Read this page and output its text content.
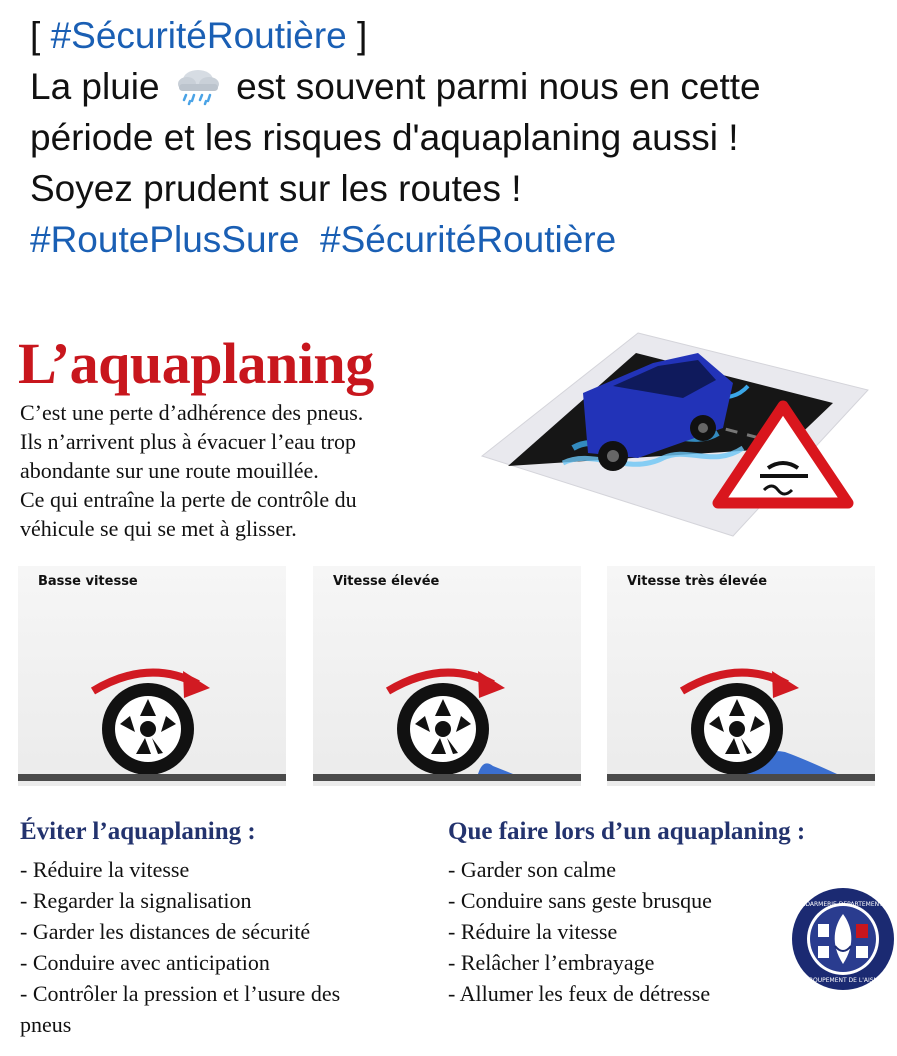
[ #SécuritéRoutière ]
La pluie  est souvent parmi nous en cette
période et les risques d'aquaplaning aussi !
Soyez prudent sur les routes !
#RoutePlusSure #SécuritéRoutière
L’aquaplaning
C’est une perte d’adhérence des pneus.
Ils n’arrivent plus à évacuer l’eau trop
abondante sur une route mouillée.
Ce qui entraîne la perte de contrôle du
véhicule se qui se met à glisser.
Basse vitesse	Vitesse élevée	Vitesse très élevée
Éviter l’aquaplaning :
- Réduire la vitesse
- Regarder la signalisation
- Garder les distances de sécurité
- Conduire avec anticipation
- Contrôler la pression et l’usure des pneus
Que faire lors d’un aquaplaning :
- Garder son calme
- Conduire sans geste brusque
- Réduire la vitesse
- Relâcher l’embrayage
- Allumer les feux de détresse
GENDARMERIE DEPARTEMENTALE
GROUPEMENT DE L'AISNE
